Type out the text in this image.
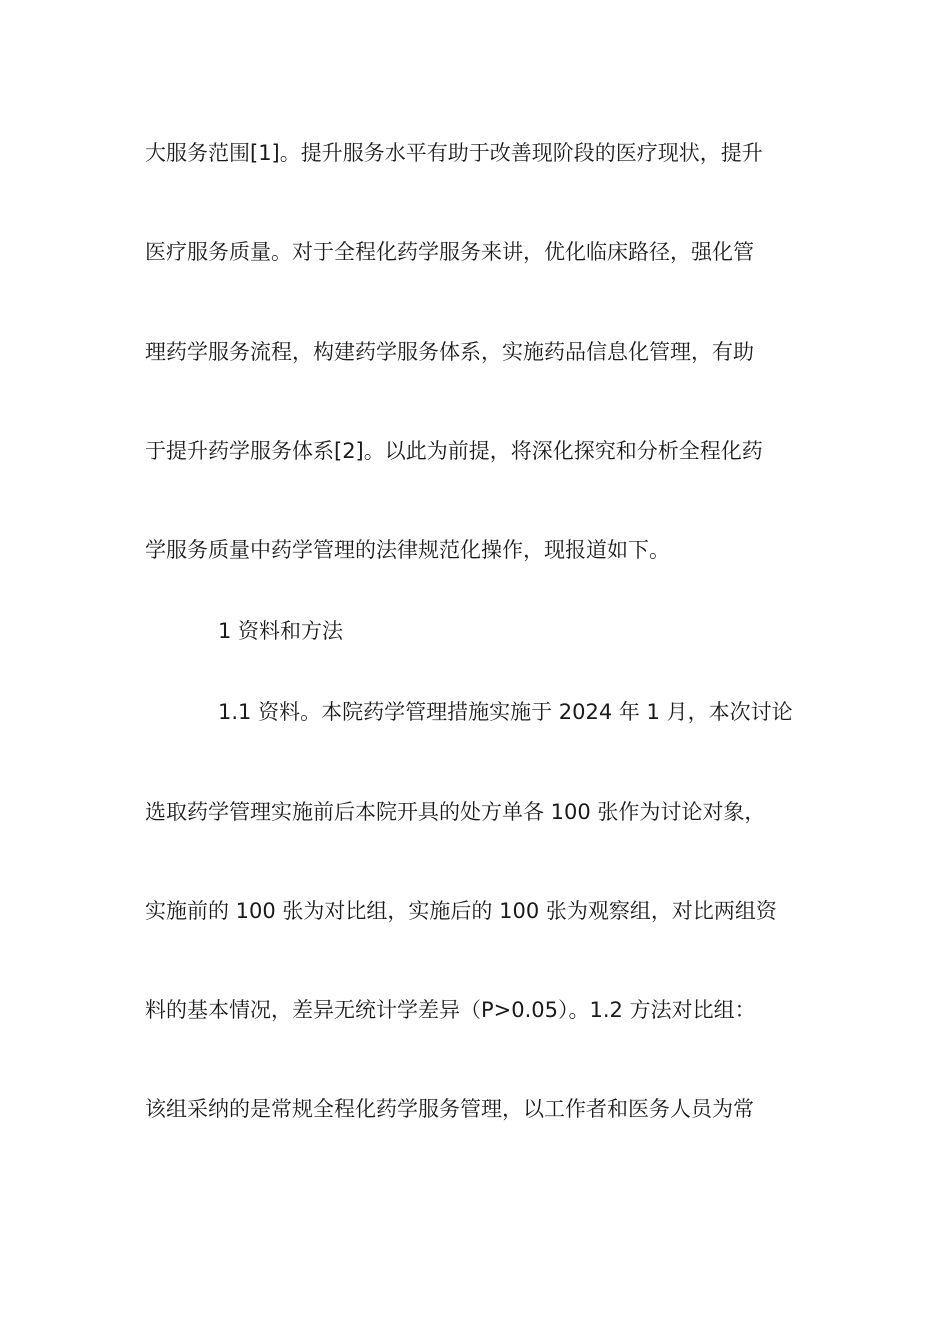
大服务范围[1]。提升服务水平有助于改善现阶段的医疗现状，提升
医疗服务质量。对于全程化药学服务来讲，优化临床路径，强化管
理药学服务流程，构建药学服务体系，实施药品信息化管理，有助
于提升药学服务体系[2]。以此为前提，将深化探究和分析全程化药
学服务质量中药学管理的法律规范化操作，现报道如下。
1 资料和方法
1.1 资料。本院药学管理措施实施于 2024 年 1 月，本次讨论
选取药学管理实施前后本院开具的处方单各 100 张作为讨论对象，
实施前的 100 张为对比组，实施后的 100 张为观察组，对比两组资
料的基本情况，差异无统计学差异（P>0.05）。1.2 方法对比组：
该组采纳的是常规全程化药学服务管理，以工作者和医务人员为常
